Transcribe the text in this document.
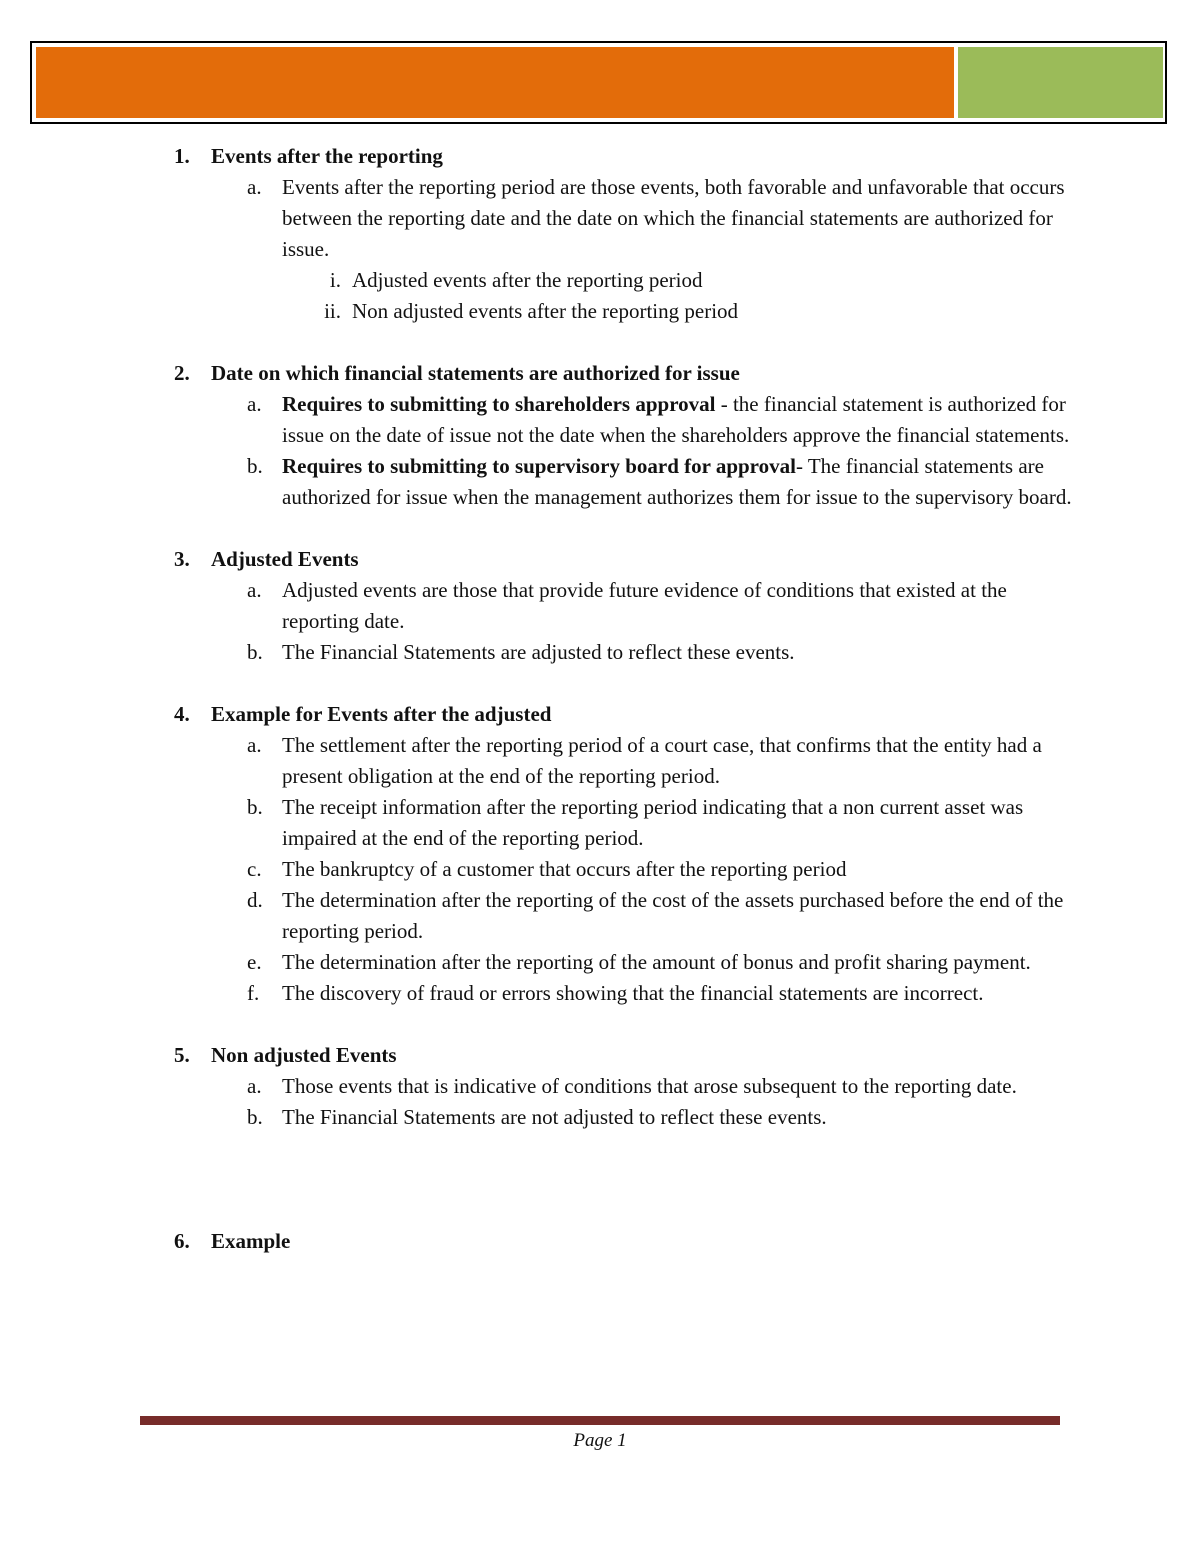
1.	Events after the reporting
a. Events after the reporting period are those events, both favorable and unfavorable that occurs between the reporting date and the date on which the financial statements are authorized for issue.
i. Adjusted events after the reporting period
ii. Non adjusted events after the reporting period
2.	Date on which financial statements are authorized for issue
a. Requires to submitting to shareholders approval - the financial statement is authorized for issue on the date of issue not the date when the shareholders approve the financial statements.
b. Requires to submitting to supervisory board for approval- The financial statements are authorized for issue when the management authorizes them for issue to the supervisory board.
3.	Adjusted Events
a. Adjusted events are those that provide future evidence of conditions that existed at the reporting date.
b. The Financial Statements are adjusted to reflect these events.
4.	Example for Events after the adjusted
a. The settlement after the reporting period of a court case, that confirms that the entity had a present obligation at the end of the reporting period.
b. The receipt information after the reporting period indicating that a non current asset was impaired at the end of the reporting period.
c. The bankruptcy of a customer that occurs after the reporting period
d. The determination after the reporting of the cost of the assets purchased before the end of the reporting period.
e. The determination after the reporting of the amount of bonus and profit sharing payment.
f. The discovery of fraud or errors showing that the financial statements are incorrect.
5.	Non adjusted Events
a. Those events that is indicative of conditions that arose subsequent to the reporting date.
b. The Financial Statements are not adjusted to reflect these events.
6.	Example
Page 1
